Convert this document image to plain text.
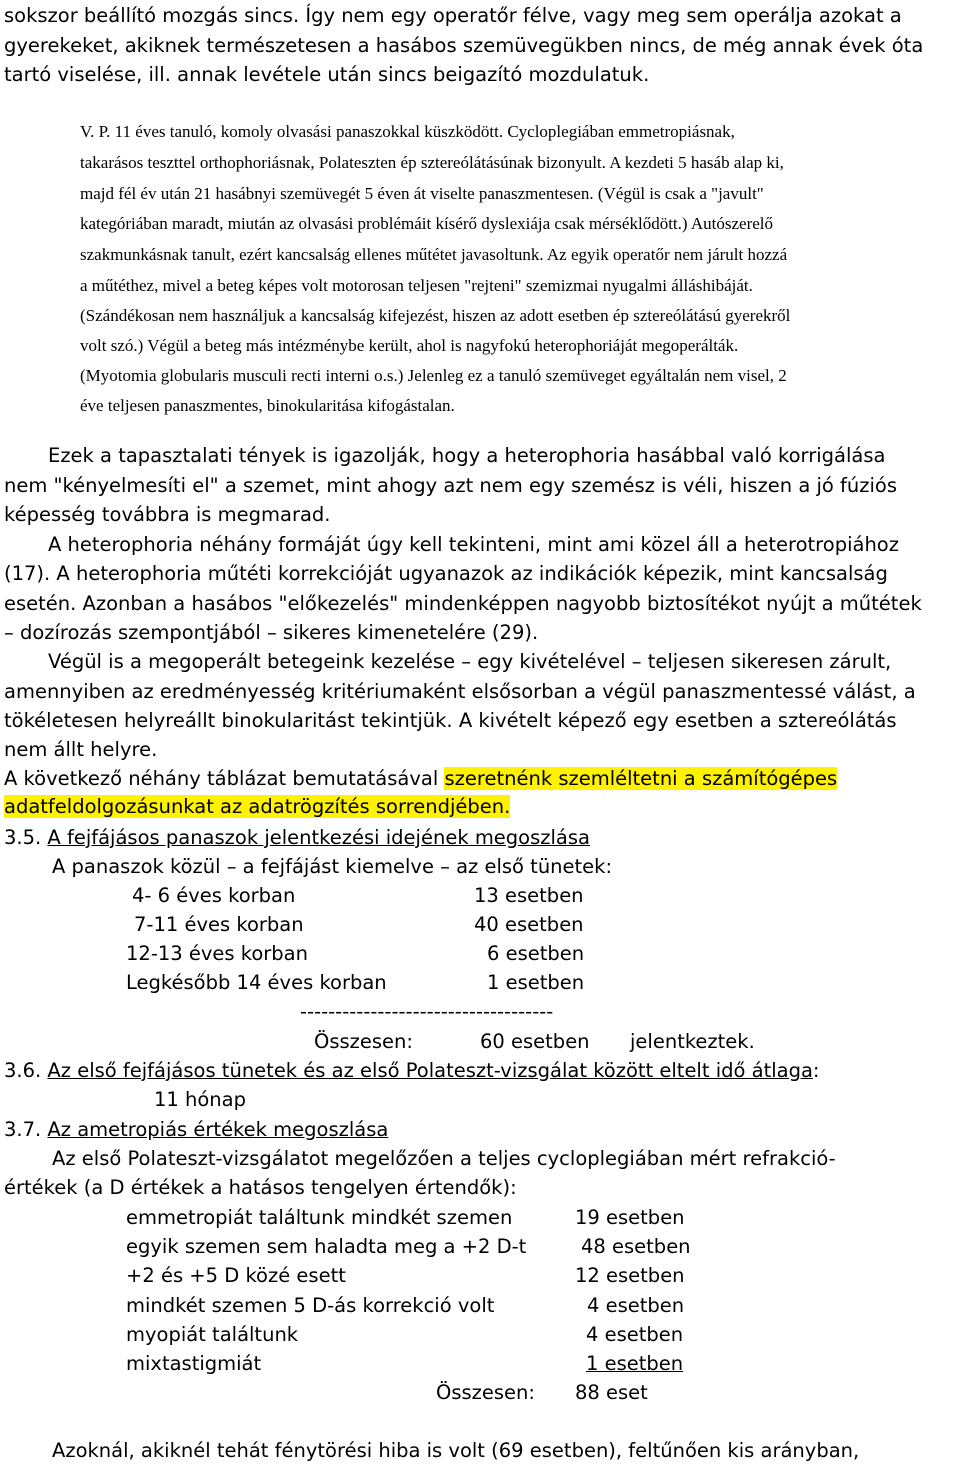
sokszor beállító mozgás sincs. Így nem egy operatőr félve, vagy meg sem operálja azokat a
gyerekeket, akiknek természetesen a hasábos szemüvegükben nincs, de még annak évek óta
tartó viselése, ill. annak levétele után sincs beigazító mozdulatuk.
V. P. 11 éves tanuló, komoly olvasási panaszokkal küszködött. Cycloplegiában emmetropiásnak,
takarásos teszttel orthophoriásnak, Polateszten ép sztereólátásúnak bizonyult. A kezdeti 5 hasáb alap ki,
majd fél év után 21 hasábnyi szemüvegét 5 éven át viselte panaszmentesen. (Végül is csak a "javult"
kategóriában maradt, miután az olvasási problémáit kísérő dyslexiája csak mérséklődött.) Autószerelő
szakmunkásnak tanult, ezért kancsalság ellenes műtétet javasoltunk. Az egyik operatőr nem járult hozzá
a műtéthez, mivel a beteg képes volt motorosan teljesen "rejteni" szemizmai nyugalmi álláshibáját.
(Szándékosan nem használjuk a kancsalság kifejezést, hiszen az adott esetben ép sztereólátású gyerekről
volt szó.) Végül a beteg más intézménybe került, ahol is nagyfokú heterophoriáját megoperálták.
(Myotomia globularis musculi recti interni o.s.) Jelenleg ez a tanuló szemüveget egyáltalán nem visel, 2
éve teljesen panaszmentes, binokularitása kifogástalan.
Ezek a tapasztalati tények is igazolják, hogy a heterophoria hasábbal való korrigálása
nem "kényelmesíti el" a szemet, mint ahogy azt nem egy szemész is véli, hiszen a jó fúziós
képesség továbbra is megmarad.
A heterophoria néhány formáját úgy kell tekinteni, mint ami közel áll a heterotropiához
(17). A heterophoria műtéti korrekcióját ugyanazok az indikációk képezik, mint kancsalság
esetén. Azonban a hasábos "előkezelés" mindenképpen nagyobb biztosítékot nyújt a műtétek
– dozírozás szempontjából – sikeres kimenetelére (29).
Végül is a megoperált betegeink kezelése – egy kivételével – teljesen sikeresen zárult,
amennyiben az eredményesség kritériumaként elsősorban a végül panaszmentessé válást, a
tökéletesen helyreállt binokularitást tekintjük. A kivételt képező egy esetben a sztereólátás
nem állt helyre.
A következő néhány táblázat bemutatásával szeretnénk szemléltetni a számítógépes
adatfeldolgozásunkat az adatrögzítés sorrendjében.
3.5. A fejfájásos panaszok jelentkezési idejének megoszlása
A panaszok közül – a fejfájást kiemelve – az első tünetek:
4- 6 éves korban	13 esetben
7-11 éves korban	40 esetben
12-13 éves korban	6 esetben
Legkésőbb 14 éves korban	1 esetben
------------------------------------
Összesen:	60 esetben jelentkeztek.
3.6. Az első fejfájásos tünetek és az első Polateszt-vizsgálat között eltelt idő átlaga:
11 hónap
3.7. Az ametropiás értékek megoszlása
Az első Polateszt-vizsgálatot megelőzően a teljes cycloplegiában mért refrakció-
értékek (a D értékek a hatásos tengelyen értendők):
emmetropiát találtunk mindkét szemen	19 esetben
egyik szemen sem haladta meg a +2 D-t	48 esetben
+2 és +5 D közé esett	12 esetben
mindkét szemen 5 D-ás korrekció volt	4 esetben
myopiát találtunk	4 esetben
mixtastigmiát	1 esetben
Összesen: 88 eset
Azoknál, akiknél tehát fénytörési hiba is volt (69 esetben), feltűnően kis arányban,
